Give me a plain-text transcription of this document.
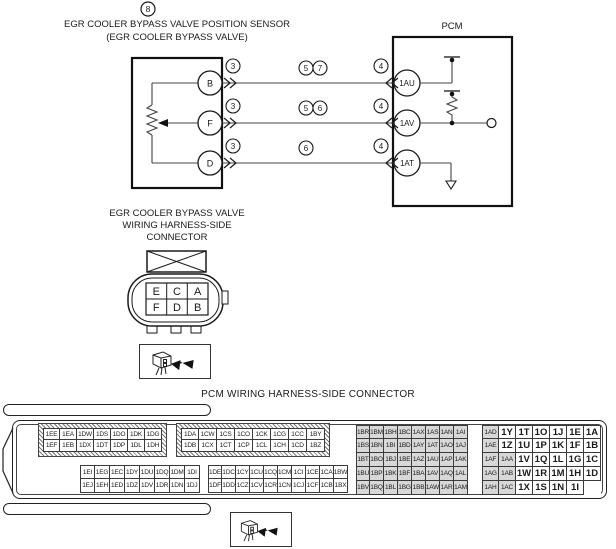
8
EGR COOLER BYPASS VALVE POSITION SENSOR
(EGR COOLER BYPASS VALVE)
PCM
B
F
D
1AU
1AV
1AT
3	5 7	4
3	5 6	4
3	6	4
EGR COOLER BYPASS VALVE
WIRING HARNESS-SIDE
CONNECTOR
E C A
F D B
PCM WIRING HARNESS-SIDE CONNECTOR
1EE 1EA 1DW 1DS 1DO 1DK 1DG
1EF 1EB 1DX 1DT 1DP 1DL 1DH
1DA 1CW 1CS 1CO 1CK 1CG 1CC 1BY
1DB 1CX 1CT 1CP 1CL 1CH 1CD 1BZ
1EI 1EG 1EC 1DY 1DU 1DQ 1DM 1DI
1EJ 1EH 1ED 1DZ 1DV 1DR 1DN 1DJ
1DE 1DC 1CY 1CU 1CQ 1CM 1CI 1CE 1CA 1BW
1DF 1DD 1CZ 1CV 1CR 1CN 1CJ 1CF 1CB 1BX
1BR 1BM 1BH 1BC 1AX 1AS 1AN 1AI
1BS 1BN 1BI 1BD 1AY 1AT 1AO 1AJ
1BT 1BO 1BJ 1BE 1AZ 1AU 1AP 1AK
1BU 1BP 1BK 1BF 1BA 1AV 1AQ 1AL
1BV 1BQ 1BL 1BG 1BB 1AW 1AR 1AM
1AD 1Y 1T 1O 1J 1E 1A
1AE 1Z 1U 1P 1K 1F 1B
1AF 1AA 1V 1Q 1L 1G 1C
1AG 1AB 1W 1R 1M 1H 1D
1AH 1AC 1X 1S 1N 1I
